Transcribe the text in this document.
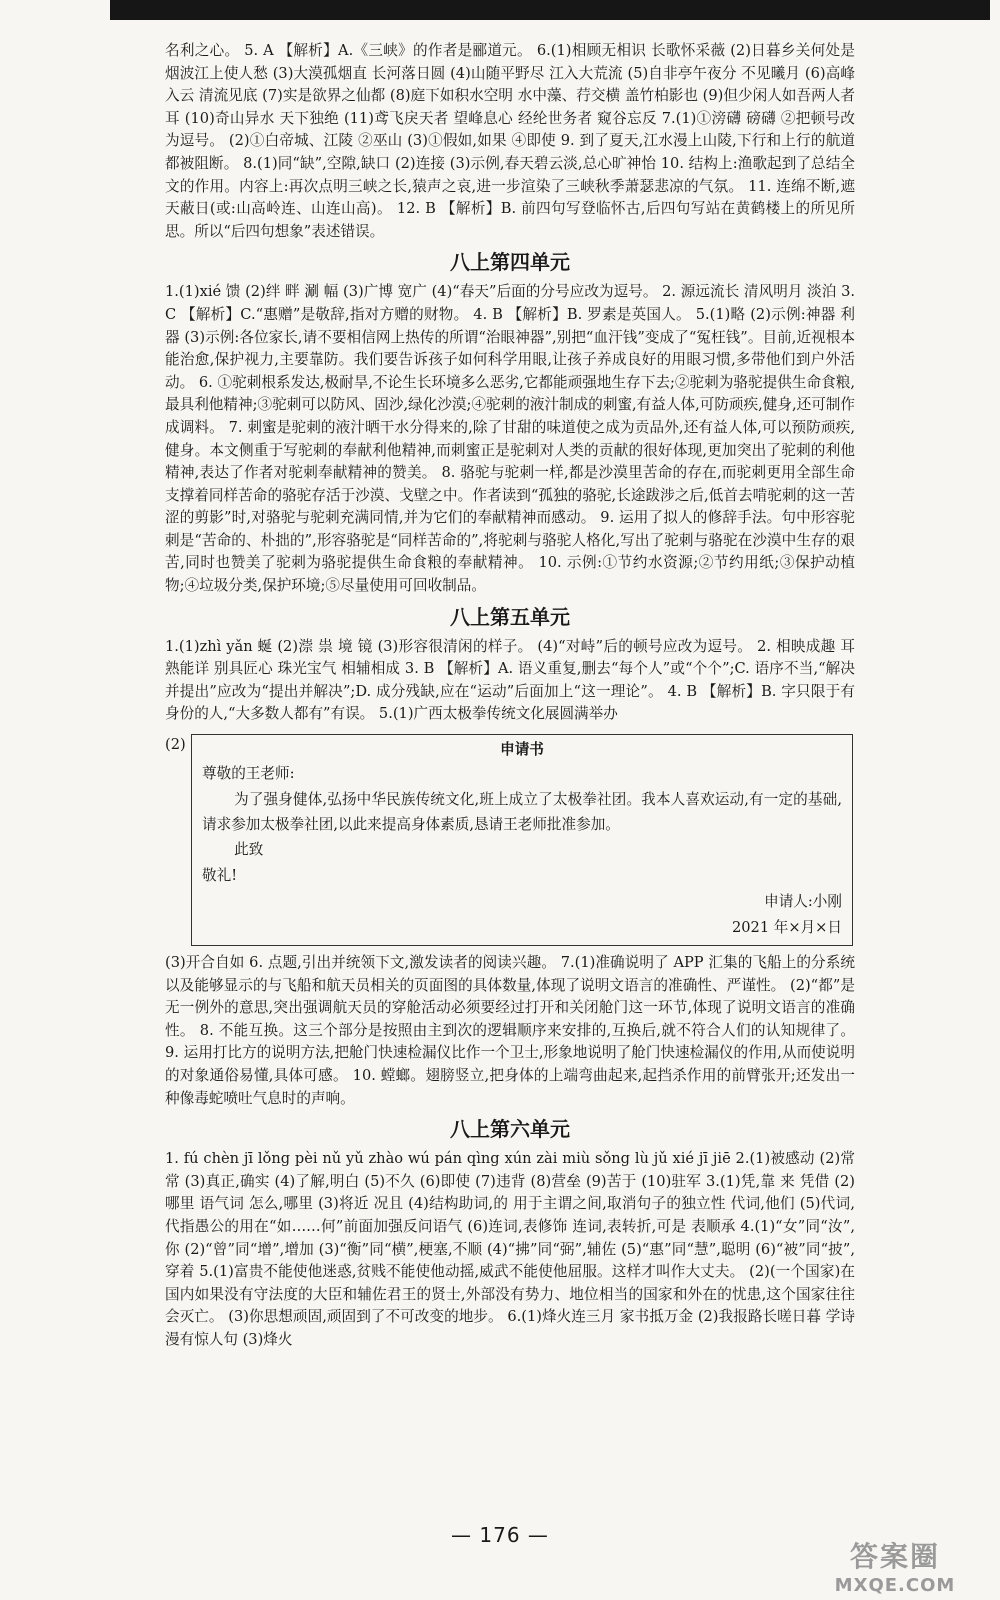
名利之心。 5. A 【解析】A.《三峡》的作者是郦道元。 6.(1)相顾无相识 长歌怀采薇 (2)日暮乡关何处是 烟波江上使人愁 (3)大漠孤烟直 长河落日圆 (4)山随平野尽 江入大荒流 (5)自非亭午夜分 不见曦月 (6)高峰入云 清流见底 (7)实是欲界之仙都 (8)庭下如积水空明 水中藻、荇交横 盖竹柏影也 (9)但少闲人如吾两人者耳 (10)奇山异水 天下独绝 (11)鸢飞戾天者 望峰息心 经纶世务者 窥谷忘反 7.(1)①滂礴 磅礴 ②把顿号改为逗号。 (2)①白帝城、江陵 ②巫山 (3)①假如,如果 ④即使 9. 到了夏天,江水漫上山陵,下行和上行的航道都被阻断。 8.(1)同“缺”,空隙,缺口 (2)连接 (3)示例,春天碧云淡,总心旷神怡 10. 结构上:渔歌起到了总结全文的作用。内容上:再次点明三峡之长,猿声之哀,进一步渲染了三峡秋季萧瑟悲凉的气氛。 11. 连绵不断,遮天蔽日(或:山高岭连、山连山高)。 12. B 【解析】B. 前四句写登临怀古,后四句写站在黄鹤楼上的所见所思。所以“后四句想象”表述错误。

八上第四单元

1.(1)xié 馈 (2)绊 畔 涮 幅 (3)广博 宽广 (4)“春天”后面的分号应改为逗号。 2. 源远流长 清风明月 淡泊 3. C 【解析】C.“惠赠”是敬辞,指对方赠的财物。 4. B 【解析】B. 罗素是英国人。 5.(1)略 (2)示例:神器 利器 (3)示例:各位家长,请不要相信网上热传的所谓“治眼神器”,别把“血汗钱”变成了“冤枉钱”。目前,近视根本能治愈,保护视力,主要靠防。我们要告诉孩子如何科学用眼,让孩子养成良好的用眼习惯,多带他们到户外活动。 6. ①驼刺根系发达,极耐旱,不论生长环境多么恶劣,它都能顽强地生存下去;②驼刺为骆驼提供生命食粮,最具利他精神;③驼刺可以防风、固沙,绿化沙漠;④驼刺的液汁制成的刺蜜,有益人体,可防顽疾,健身,还可制作成调料。 7. 刺蜜是驼刺的液汁晒干水分得来的,除了甘甜的味道使之成为贡品外,还有益人体,可以预防顽疾,健身。本文侧重于写驼刺的奉献利他精神,而刺蜜正是驼刺对人类的贡献的很好体现,更加突出了驼刺的利他精神,表达了作者对驼刺奉献精神的赞美。 8. 骆驼与驼刺一样,都是沙漠里苦命的存在,而驼刺更用全部生命支撑着同样苦命的骆驼存活于沙漠、戈壁之中。作者读到“孤独的骆驼,长途跋涉之后,低首去啃驼刺的这一苦涩的剪影”时,对骆驼与驼刺充满同情,并为它们的奉献精神而感动。 9. 运用了拟人的修辞手法。句中形容驼刺是“苦命的、朴拙的”,形容骆驼是“同样苦命的”,将驼刺与骆驼人格化,写出了驼刺与骆驼在沙漠中生存的艰苦,同时也赞美了驼刺为骆驼提供生命食粮的奉献精神。 10. 示例:①节约水资源;②节约用纸;③保护动植物;④垃圾分类,保护环境;⑤尽量使用可回收制品。

八上第五单元

1.(1)zhì yǎn 蜒 (2)漴 祟 境 镜 (3)形容很清闲的样子。 (4)“对峙”后的顿号应改为逗号。 2. 相映成趣 耳熟能详 别具匠心 珠光宝气 相辅相成 3. B 【解析】A. 语义重复,删去“每个人”或“个个”;C. 语序不当,“解决并提出”应改为“提出并解决”;D. 成分残缺,应在“运动”后面加上“这一理论”。 4. B 【解析】B. 字只限于有身份的人,“大多数人都有”有误。 5.(1)广西太极拳传统文化展圆满举办

(2)	申请书

尊敬的王老师:

为了强身健体,弘扬中华民族传统文化,班上成立了太极拳社团。我本人喜欢运动,有一定的基础,请求参加太极拳社团,以此来提高身体素质,恳请王老师批准参加。

此致

敬礼!

申请人:小刚

2021 年×月×日

(3)开合自如 6. 点题,引出并统领下文,激发读者的阅读兴趣。 7.(1)准确说明了 APP 汇集的飞船上的分系统以及能够显示的与飞船和航天员相关的页面图的具体数量,体现了说明文语言的准确性、严谨性。 (2)“都”是无一例外的意思,突出强调航天员的穿舱活动必须要经过打开和关闭舱门这一环节,体现了说明文语言的准确性。 8. 不能互换。这三个部分是按照由主到次的逻辑顺序来安排的,互换后,就不符合人们的认知规律了。 9. 运用打比方的说明方法,把舱门快速检漏仪比作一个卫士,形象地说明了舱门快速检漏仪的作用,从而使说明的对象通俗易懂,具体可感。 10. 螳螂。翅膀竖立,把身体的上端弯曲起来,起挡杀作用的前臂张开;还发出一种像毒蛇喷吐气息时的声响。

八上第六单元

1. fú chèn jī lǒng pèi nǔ yǔ zhào wú pán qìng xún zài miù sǒng lù jǔ xié jī jiē 2.(1)被感动 (2)常常 (3)真正,确实 (4)了解,明白 (5)不久 (6)即使 (7)违背 (8)营垒 (9)苦于 (10)驻军 3.(1)凭,靠 来 凭借 (2)哪里 语气词 怎么,哪里 (3)将近 况且 (4)结构助词,的 用于主谓之间,取消句子的独立性 代词,他们 (5)代词,代指愚公的用在“如……何”前面加强反问语气 (6)连词,表修饰 连词,表转折,可是 表顺承 4.(1)“女”同“汝”,你 (2)“曾”同“增”,增加 (3)“衡”同“横”,梗塞,不顺 (4)“拂”同“弼”,辅佐 (5)“惠”同“慧”,聪明 (6)“被”同“披”,穿着 5.(1)富贵不能使他迷惑,贫贱不能使他动摇,威武不能使他屈服。这样才叫作大丈夫。 (2)(一个国家)在国内如果没有守法度的大臣和辅佐君王的贤士,外部没有势力、地位相当的国家和外在的忧患,这个国家往往会灭亡。 (3)你思想顽固,顽固到了不可改变的地步。 6.(1)烽火连三月 家书抵万金 (2)我报路长嗟日暮 学诗漫有惊人句 (3)烽火

— 176 —
答案圈
MXQE.COM
